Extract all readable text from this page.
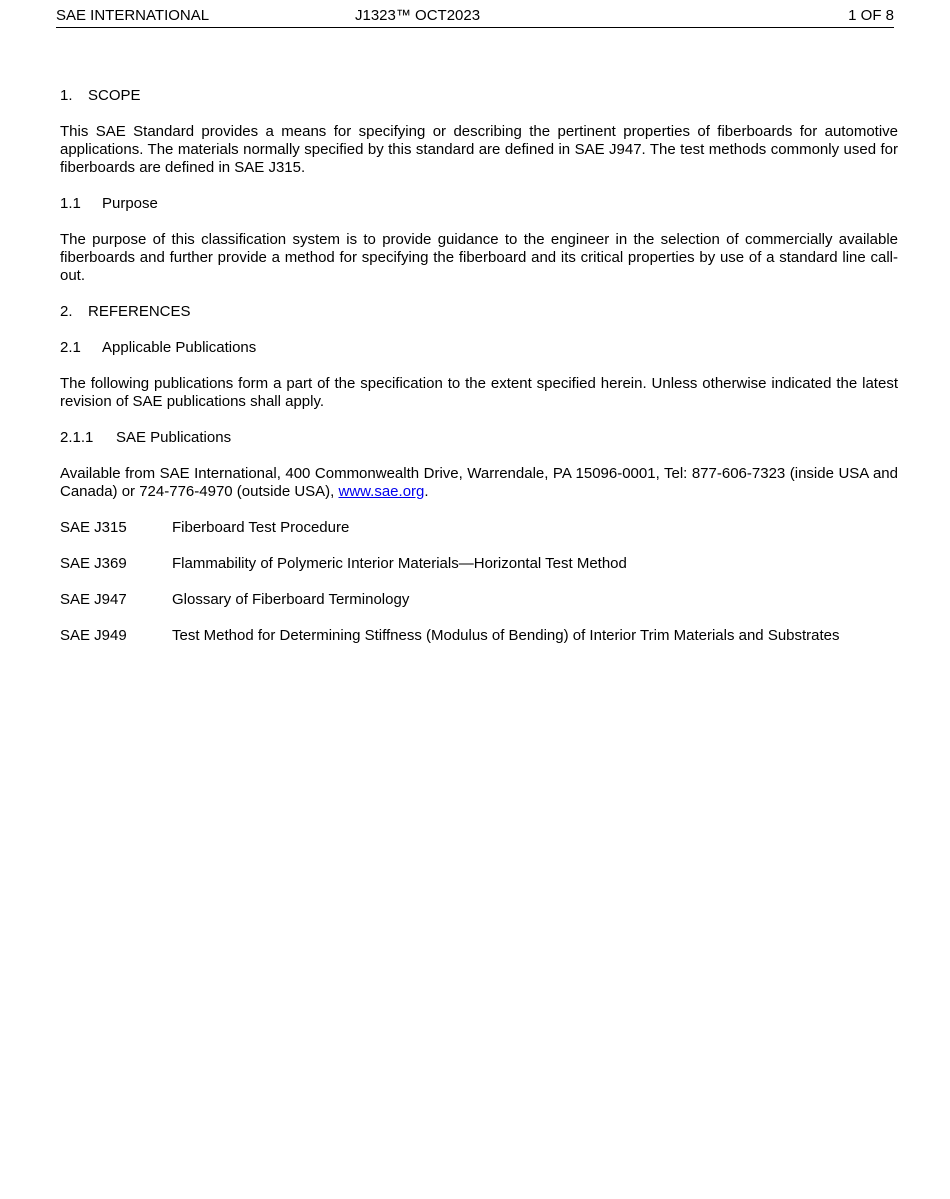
SAE INTERNATIONAL	J1323™ OCT2023	1 OF 8
1. SCOPE
This SAE Standard provides a means for specifying or describing the pertinent properties of fiberboards for automotive applications. The materials normally specified by this standard are defined in SAE J947. The test methods commonly used for fiberboards are defined in SAE J315.
1.1 Purpose
The purpose of this classification system is to provide guidance to the engineer in the selection of commercially available fiberboards and further provide a method for specifying the fiberboard and its critical properties by use of a standard line call-out.
2. REFERENCES
2.1 Applicable Publications
The following publications form a part of the specification to the extent specified herein. Unless otherwise indicated the latest revision of SAE publications shall apply.
2.1.1 SAE Publications
Available from SAE International, 400 Commonwealth Drive, Warrendale, PA 15096-0001, Tel: 877-606-7323 (inside USA and Canada) or 724-776-4970 (outside USA), www.sae.org.
SAE J315	Fiberboard Test Procedure
SAE J369	Flammability of Polymeric Interior Materials—Horizontal Test Method
SAE J947	Glossary of Fiberboard Terminology
SAE J949	Test Method for Determining Stiffness (Modulus of Bending) of Interior Trim Materials and Substrates
